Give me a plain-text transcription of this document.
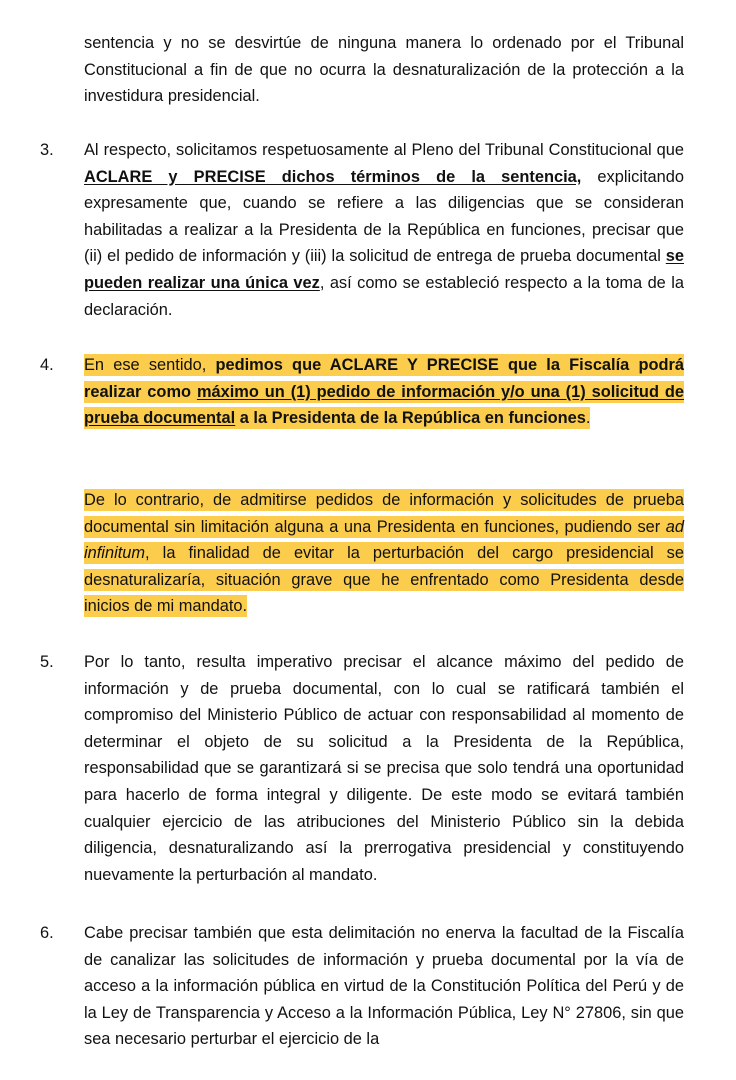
sentencia y no se desvirtúe de ninguna manera lo ordenado por el Tribunal Constitucional a fin de que no ocurra la desnaturalización de la protección a la investidura presidencial.
3. Al respecto, solicitamos respetuosamente al Pleno del Tribunal Constitucional que ACLARE y PRECISE dichos términos de la sentencia, explicitando expresamente que, cuando se refiere a las diligencias que se consideran habilitadas a realizar a la Presidenta de la República en funciones, precisar que (ii) el pedido de información y (iii) la solicitud de entrega de prueba documental se pueden realizar una única vez, así como se estableció respecto a la toma de la declaración.
4. En ese sentido, pedimos que ACLARE Y PRECISE que la Fiscalía podrá realizar como máximo un (1) pedido de información y/o una (1) solicitud de prueba documental a la Presidenta de la República en funciones.
De lo contrario, de admitirse pedidos de información y solicitudes de prueba documental sin limitación alguna a una Presidenta en funciones, pudiendo ser ad infinitum, la finalidad de evitar la perturbación del cargo presidencial se desnaturalizaría, situación grave que he enfrentado como Presidenta desde inicios de mi mandato.
5. Por lo tanto, resulta imperativo precisar el alcance máximo del pedido de información y de prueba documental, con lo cual se ratificará también el compromiso del Ministerio Público de actuar con responsabilidad al momento de determinar el objeto de su solicitud a la Presidenta de la República, responsabilidad que se garantizará si se precisa que solo tendrá una oportunidad para hacerlo de forma integral y diligente. De este modo se evitará también cualquier ejercicio de las atribuciones del Ministerio Público sin la debida diligencia, desnaturalizando así la prerrogativa presidencial y constituyendo nuevamente la perturbación al mandato.
6. Cabe precisar también que esta delimitación no enerva la facultad de la Fiscalía de canalizar las solicitudes de información y prueba documental por la vía de acceso a la información pública en virtud de la Constitución Política del Perú y de la Ley de Transparencia y Acceso a la Información Pública, Ley N° 27806, sin que sea necesario perturbar el ejercicio de la
